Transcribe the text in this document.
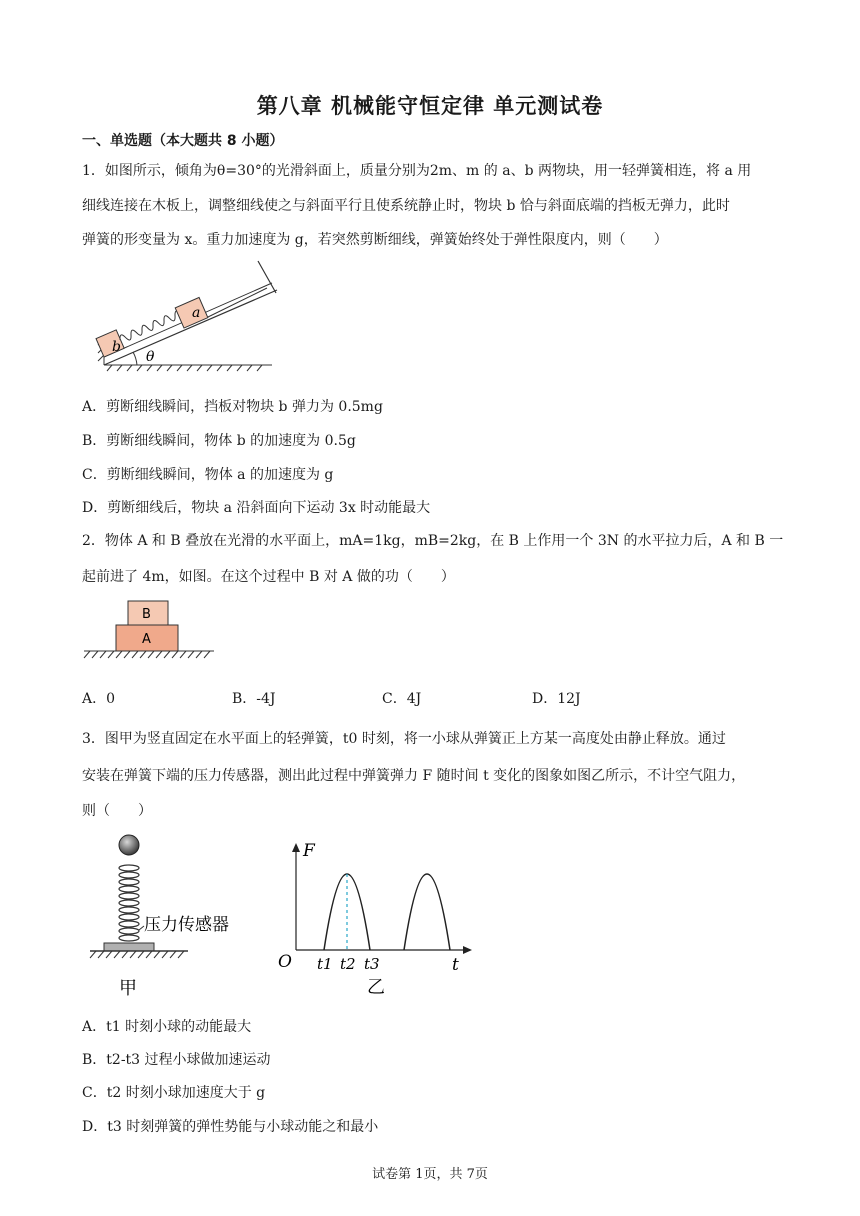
第八章 机械能守恒定律 单元测试卷
一、单选题（本大题共 8 小题）
1．如图所示，倾角为θ=30°的光滑斜面上，质量分别为2m、m 的 a、b 两物块，用一轻弹簧相连，将 a 用
细线连接在木板上，调整细线使之与斜面平行且使系统静止时，物块 b 恰与斜面底端的挡板无弹力，此时
弹簧的形变量为 x。重力加速度为 g，若突然剪断细线，弹簧始终处于弹性限度内，则（　　）
b
a
θ
A．剪断细线瞬间，挡板对物块 b 弹力为 0.5mg
B．剪断细线瞬间，物体 b 的加速度为 0.5g
C．剪断细线瞬间，物体 a 的加速度为 g
D．剪断细线后，物块 a 沿斜面向下运动 3x 时动能最大
2．物体 A 和 B 叠放在光滑的水平面上，mA=1kg，mB=2kg，在 B 上作用一个 3N 的水平拉力后，A 和 B 一
起前进了 4m，如图。在这个过程中 B 对 A 做的功（　　）
B
A
A．0	B．-4J	C．4J	D．12J
3．图甲为竖直固定在水平面上的轻弹簧，t0 时刻，将一小球从弹簧正上方某一高度处由静止释放。通过
安装在弹簧下端的压力传感器，测出此过程中弹簧弹力 F 随时间 t 变化的图象如图乙所示，不计空气阻力，
则（　　）
压力传感器
甲
F
O	t
t1 t2 t3
乙
A．t1 时刻小球的动能最大
B．t2-t3 过程小球做加速运动
C．t2 时刻小球加速度大于 g
D．t3 时刻弹簧的弹性势能与小球动能之和最小
试卷第 1页，共 7页
